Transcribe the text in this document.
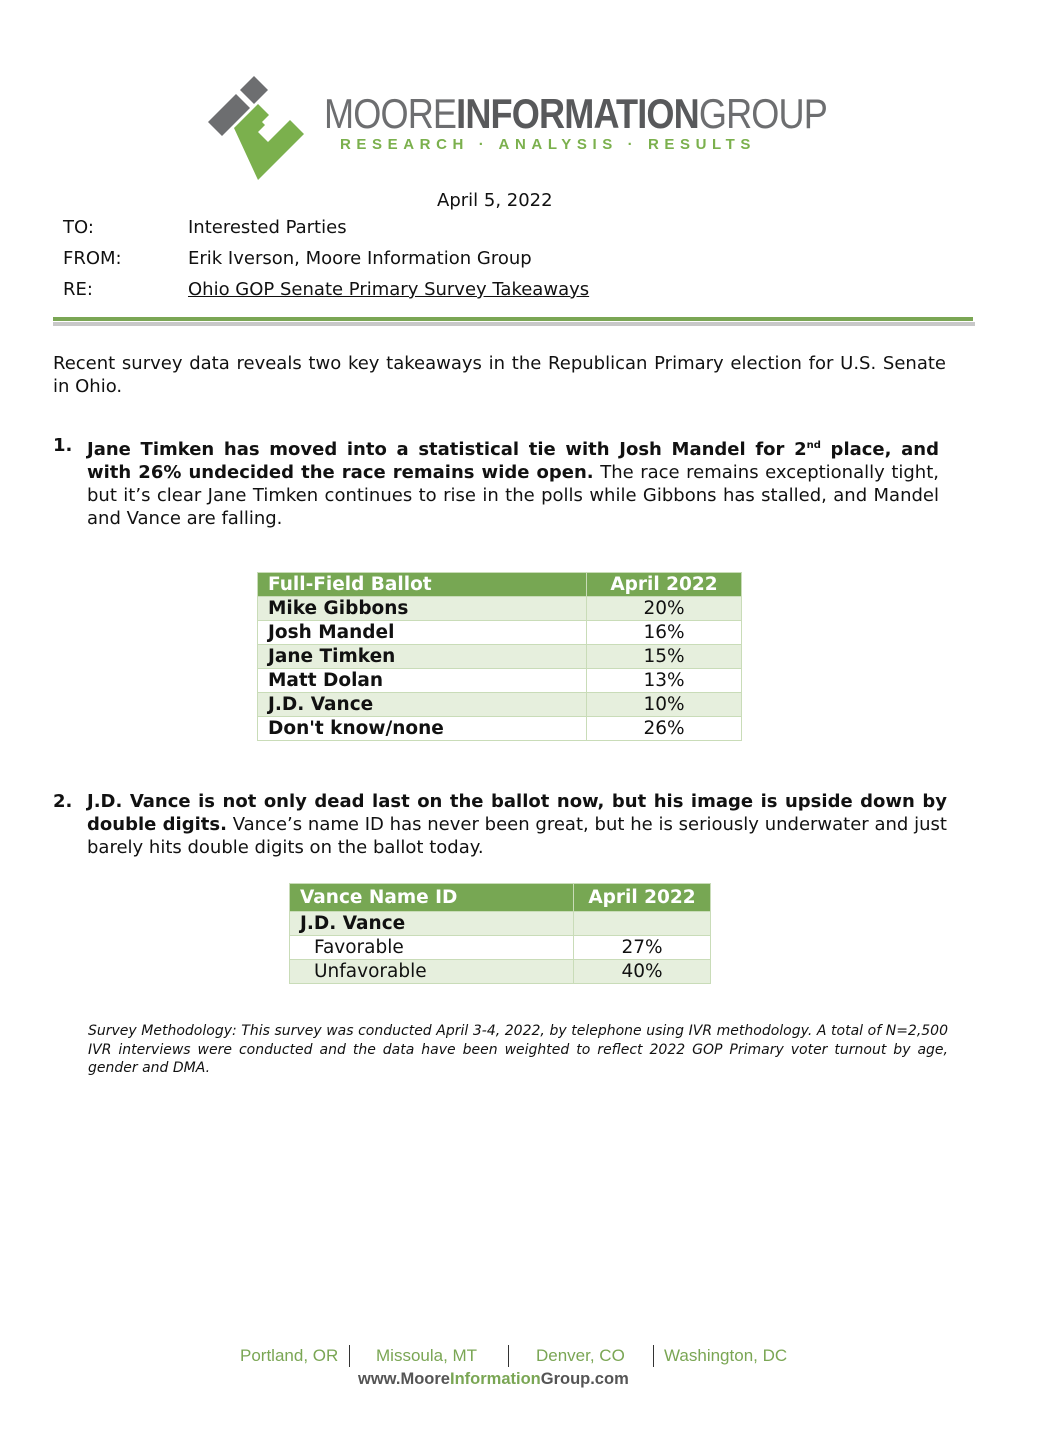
MOOREINFORMATIONGROUP
RESEARCH · ANALYSIS · RESULTS
April 5, 2022
TO:	Interested Parties
FROM:	Erik Iverson, Moore Information Group
RE:	Ohio GOP Senate Primary Survey Takeaways
Recent survey data reveals two key takeaways in the Republican Primary election for U.S. Senate in Ohio.
1. Jane Timken has moved into a statistical tie with Josh Mandel for 2nd place, and with 26% undecided the race remains wide open. The race remains exceptionally tight, but it’s clear Jane Timken continues to rise in the polls while Gibbons has stalled, and Mandel and Vance are falling.
Full-Field Ballot	April 2022
Mike Gibbons	20%
Josh Mandel	16%
Jane Timken	15%
Matt Dolan	13%
J.D. Vance	10%
Don't know/none	26%
2. J.D. Vance is not only dead last on the ballot now, but his image is upside down by double digits. Vance’s name ID has never been great, but he is seriously underwater and just barely hits double digits on the ballot today.
Vance Name ID	April 2022
J.D. Vance	
Favorable	27%
Unfavorable	40%
Survey Methodology: This survey was conducted April 3-4, 2022, by telephone using IVR methodology. A total of N=2,500 IVR interviews were conducted and the data have been weighted to reflect 2022 GOP Primary voter turnout by age, gender and DMA.
Portland, OR Missoula, MT	Denver, CO Washington, DC
www.MooreInformationGroup.com
